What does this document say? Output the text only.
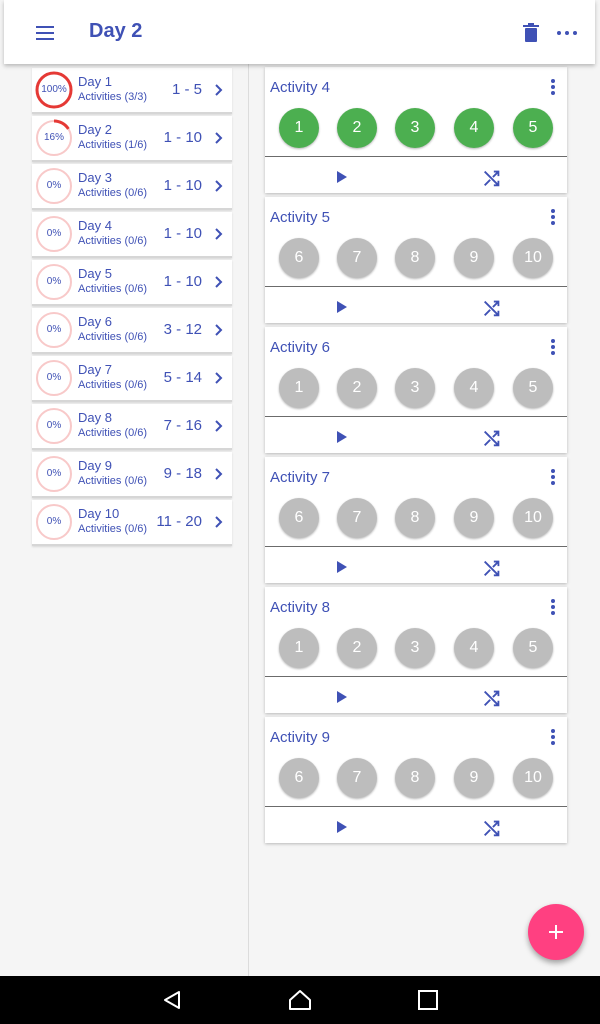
Day 2
100%
Day 1
Activities (3/3) 1 - 5
16%
Day 2
Activities (1/6) 1 - 10
0%
Day 3
Activities (0/6) 1 - 10
0%
Day 4
Activities (0/6) 1 - 10
0%
Day 5
Activities (0/6) 1 - 10
0%
Day 6
Activities (0/6) 3 - 12
0%
Day 7
Activities (0/6) 5 - 14
0%
Day 8
Activities (0/6) 7 - 16
0%
Day 9
Activities (0/6) 9 - 18
0%
Day 10
Activities (0/6) 11 - 20
Activity 4
1	2	3	4	5
Activity 5
6	7	8	9	10
Activity 6
1	2	3	4	5
Activity 7
6	7	8	9	10
Activity 8
1	2	3	4	5
Activity 9
6	7	8	9	10
